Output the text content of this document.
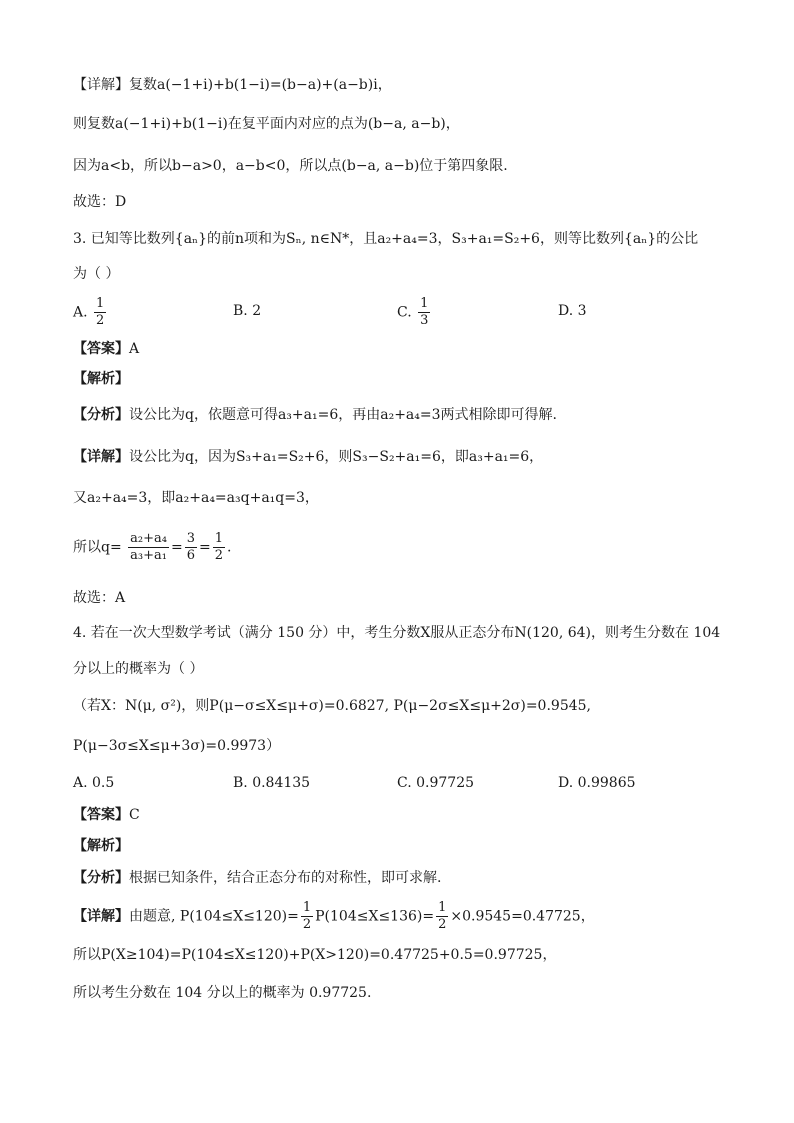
【详解】复数a(−1+i)+b(1−i)=(b−a)+(a−b)i，
则复数a(−1+i)+b(1−i)在复平面内对应的点为(b−a, a−b)，
因为a<b，所以b−a>0，a−b<0，所以点(b−a, a−b)位于第四象限.
故选：D
3. 已知等比数列{aₙ}的前n项和为Sₙ, n∈N*，且a₂+a₄=3，S₃+a₁=S₂+6，则等比数列{aₙ}的公比
为（ ）
A. $\frac{1}{2}$	B. 2	C. $\frac{1}{3}$	D. 3
【答案】A
【解析】
【分析】设公比为q，依题意可得a₃+a₁=6，再由a₂+a₄=3两式相除即可得解.
【详解】设公比为q，因为S₃+a₁=S₂+6，则S₃−S₂+a₁=6，即a₃+a₁=6，
又a₂+a₄=3，即a₂+a₄=a₃q+a₁q=3，
所以$q= \frac{\text{a₂+a₄}}{\text{a₃+a₁}} = \frac{3}{6} = \frac{1}{2}$ .
故选：A
4. 若在一次大型数学考试（满分 150 分）中，考生分数X服从正态分布N(120, 64)，则考生分数在 104
分以上的概率为（ ）
（若X：N(μ, σ²)，则P(μ−σ≤X≤μ+σ)=0.6827, P(μ−2σ≤X≤μ+2σ)=0.9545,
P(μ−3σ≤X≤μ+3σ)=0.9973）
A. 0.5	B. 0.84135	C. 0.97725	D. 0.99865
【答案】C
【解析】
【分析】根据已知条件，结合正态分布的对称性，即可求解.
【详解】由题意, $P(104\le X\le 120)= \frac{1}{2} P(104\le X\le 136)= \frac{1}{2} \times 0.9545=0.47725$，
所以P(X≥104)=P(104≤X≤120)+P(X>120)=0.47725+0.5=0.97725，
所以考生分数在 104 分以上的概率为 0.97725.
